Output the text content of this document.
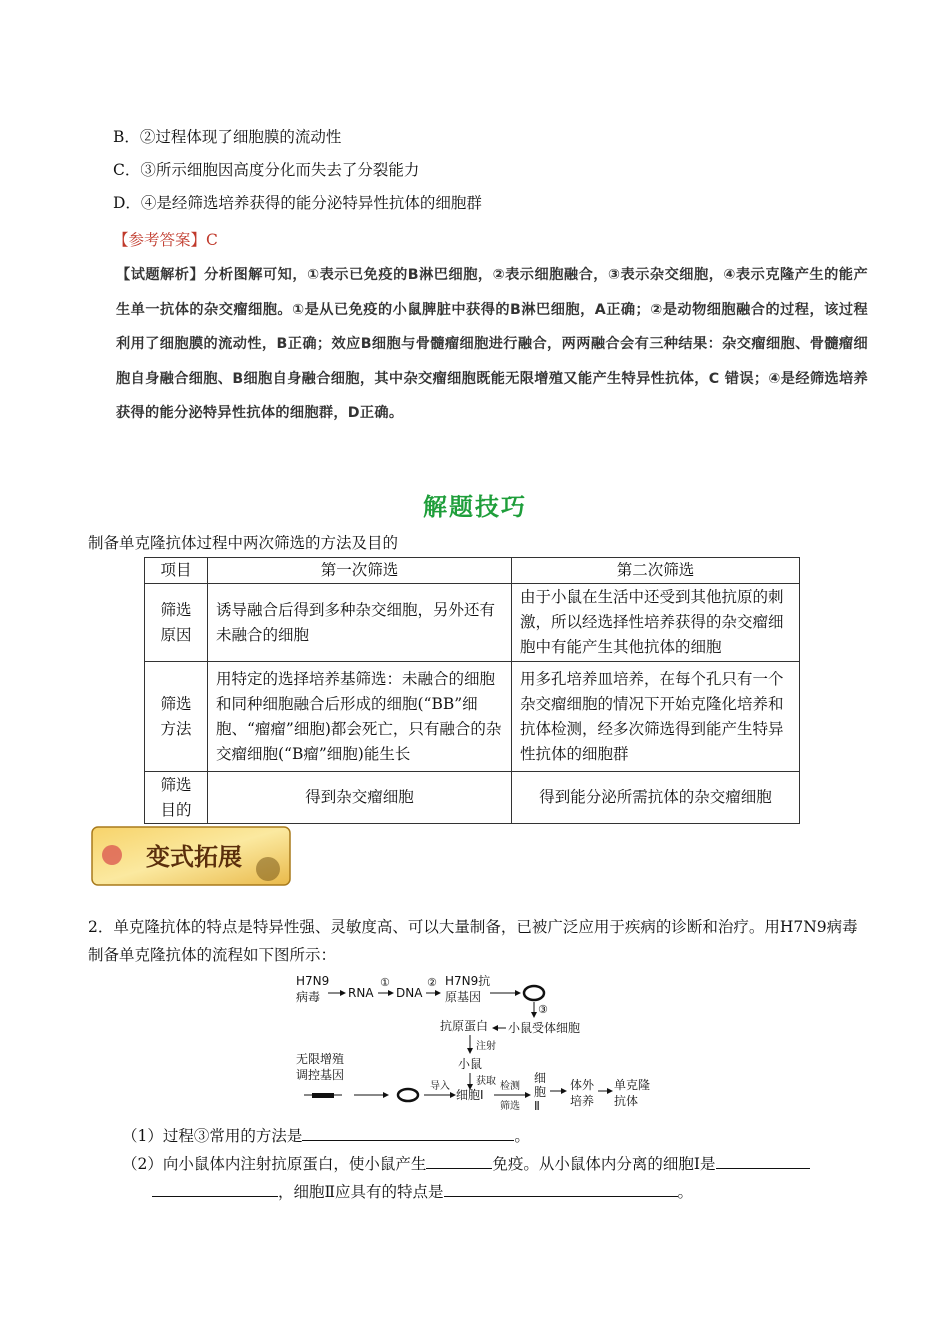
B．②过程体现了细胞膜的流动性
C．③所示细胞因高度分化而失去了分裂能力
D．④是经筛选培养获得的能分泌特异性抗体的细胞群
【参考答案】C
【试题解析】分析图解可知，①表示已免疫的B淋巴细胞，②表示细胞融合，③表示杂交细胞，④表示克隆产生的能产生单一抗体的杂交瘤细胞。①是从已免疫的小鼠脾脏中获得的B淋巴细胞，A正确；②是动物细胞融合的过程，该过程利用了细胞膜的流动性，B正确；效应B细胞与骨髓瘤细胞进行融合，两两融合会有三种结果：杂交瘤细胞、骨髓瘤细胞自身融合细胞、B细胞自身融合细胞，其中杂交瘤细胞既能无限增殖又能产生特异性抗体，C 错误；④是经筛选培养获得的能分泌特异性抗体的细胞群，D正确。
解题技巧
制备单克隆抗体过程中两次筛选的方法及目的
项目	第一次筛选	第二次筛选
筛选原因	诱导融合后得到多种杂交细胞，另外还有未融合的细胞	由于小鼠在生活中还受到其他抗原的刺激，所以经选择性培养获得的杂交瘤细胞中有能产生其他抗体的细胞
筛选方法	用特定的选择培养基筛选：未融合的细胞和同种细胞融合后形成的细胞(“BB”细胞、“瘤瘤”细胞)都会死亡，只有融合的杂交瘤细胞(“B瘤”细胞)能生长	用多孔培养皿培养，在每个孔只有一个杂交瘤细胞的情况下开始克隆化培养和抗体检测，经多次筛选得到能产生特异性抗体的细胞群
筛选目的	得到杂交瘤细胞	得到能分泌所需抗体的杂交瘤细胞
变式拓展
2．单克隆抗体的特点是特异性强、灵敏度高、可以大量制备，已被广泛应用于疾病的诊断和治疗。用H7N9病毒制备单克隆抗体的流程如下图所示：
H7N9
病毒 RNA
①
DNA
② H7N9抗
原基因
③
小鼠受体细胞
抗原蛋白
注射
小鼠
获取
无限增殖
调控基因
导入
细胞Ⅰ
检测
筛选
细
胞
Ⅱ
体外
培养
单克隆
抗体
（1）过程③常用的方法是	。
（2）向小鼠体内注射抗原蛋白，使小鼠产生	免疫。从小鼠体内分离的细胞Ⅰ是
，细胞Ⅱ应具有的特点是	。
